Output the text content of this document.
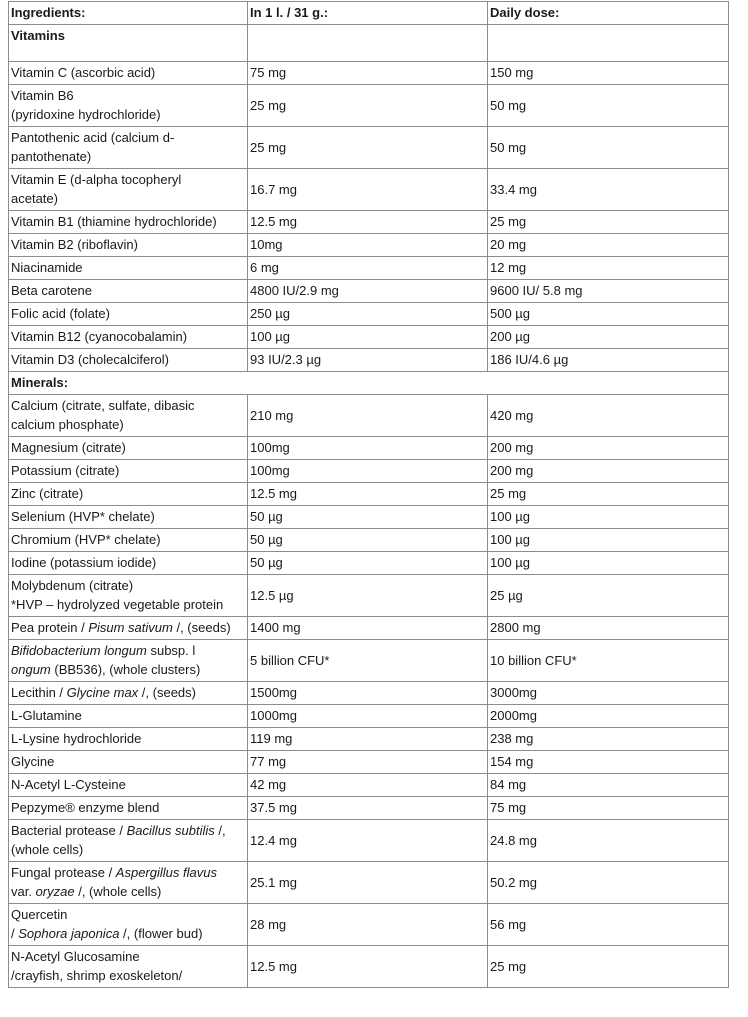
Ingredients:	In 1 l. / 31 g.:	Daily dose:
Vitamins		
Vitamin C (ascorbic acid)	75 mg	150 mg
Vitamin B6
(pyridoxine hydrochloride)	25 mg	50 mg
Pantothenic acid (calcium d-
pantothenate)	25 mg	50 mg
Vitamin E (d-alpha tocopheryl
acetate)	16.7 mg	33.4 mg
Vitamin B1 (thiamine hydrochloride)	12.5 mg	25 mg
Vitamin B2 (riboflavin)	10mg	20 mg
Niacinamide	6 mg	12 mg
Beta carotene	4800 IU/2.9 mg	9600 IU/ 5.8 mg
Folic acid (folate)	250 µg	500 µg
Vitamin B12 (cyanocobalamin)	100 µg	200 µg
Vitamin D3 (cholecalciferol)	93 IU/2.3 µg	186 IU/4.6 µg
Minerals:		
Calcium (citrate, sulfate, dibasic
calcium phosphate)	210 mg	420 mg
Magnesium (citrate)	100mg	200 mg
Potassium (citrate)	100mg	200 mg
Zinc (citrate)	12.5 mg	25 mg
Selenium (HVP* chelate)	50 µg	100 µg
Chromium (HVP* chelate)	50 µg	100 µg
Iodine (potassium iodide)	50 µg	100 µg
Molybdenum (citrate)
*HVP – hydrolyzed vegetable protein	12.5 µg	25 µg
Pea protein / Pisum sativum /, (seeds)	1400 mg	2800 mg
Bifidobacterium longum subsp. l
ongum (BB536), (whole clusters)	5 billion CFU*	10 billion CFU*
Lecithin / Glycine max /, (seeds)	1500mg	3000mg
L-Glutamine	1000mg	2000mg
L-Lysine hydrochloride	119 mg	238 mg
Glycine	77 mg	154 mg
N-Acetyl L-Cysteine	42 mg	84 mg
Pepzyme® enzyme blend	37.5 mg	75 mg
Bacterial protease / Bacillus subtilis /,
(whole cells)	12.4 mg	24.8 mg
Fungal protease / Aspergillus flavus
var. oryzae /, (whole cells)	25.1 mg	50.2 mg
Quercetin
/ Sophora japonica /, (flower bud)	28 mg	56 mg
N-Acetyl Glucosamine
/crayfish, shrimp exoskeleton/	12.5 mg	25 mg
